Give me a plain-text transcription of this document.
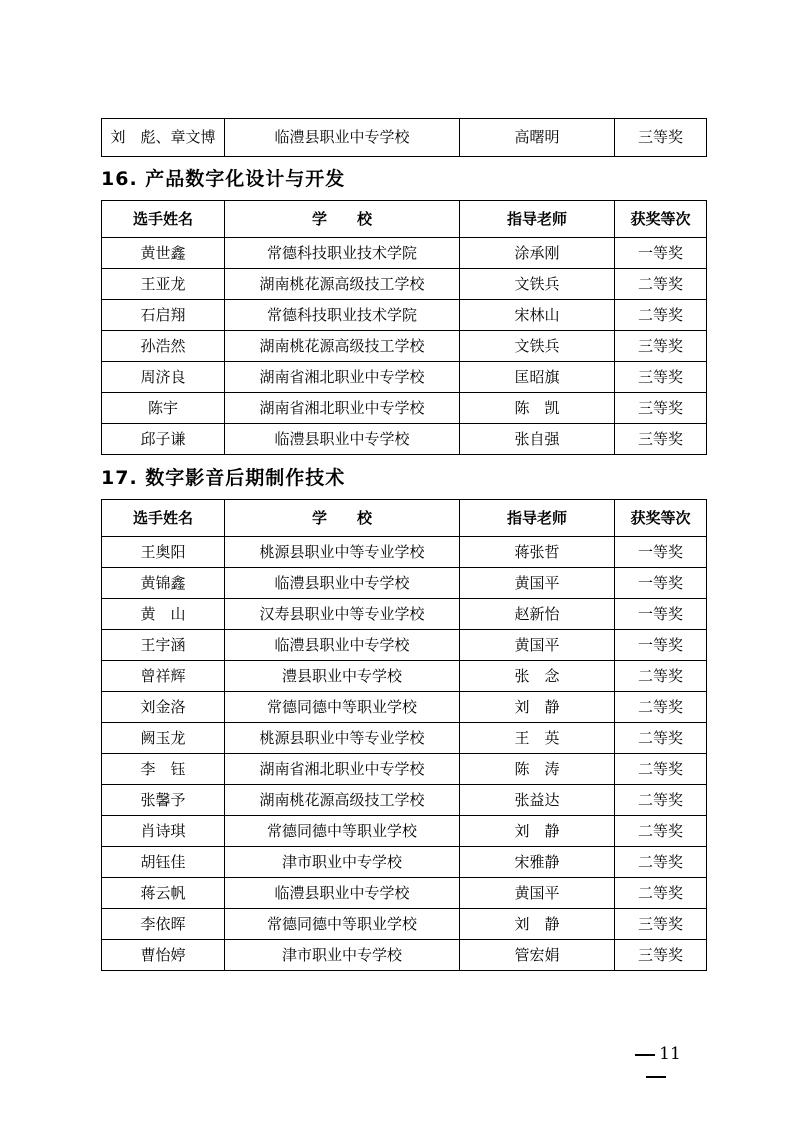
刘　彪、章文博	临澧县职业中专学校	高曙明	三等奖
16. 产品数字化设计与开发
选手姓名	学　　校	指导老师	获奖等次
黄世鑫	常德科技职业技术学院	涂承刚	一等奖
王亚龙	湖南桃花源高级技工学校	文铁兵	二等奖
石启翔	常德科技职业技术学院	宋林山	二等奖
孙浩然	湖南桃花源高级技工学校	文铁兵	三等奖
周济良	湖南省湘北职业中专学校	匡昭旗	三等奖
陈宇	湖南省湘北职业中专学校	陈　凯	三等奖
邱子谦	临澧县职业中专学校	张自强	三等奖
17. 数字影音后期制作技术
选手姓名	学　　校	指导老师	获奖等次
王奥阳	桃源县职业中等专业学校	蒋张哲	一等奖
黄锦鑫	临澧县职业中专学校	黄国平	一等奖
黄　山	汉寿县职业中等专业学校	赵新怡	一等奖
王宇涵	临澧县职业中专学校	黄国平	一等奖
曾祥辉	澧县职业中专学校	张　念	二等奖
刘金洛	常德同德中等职业学校	刘　静	二等奖
阙玉龙	桃源县职业中等专业学校	王　英	二等奖
李　钰	湖南省湘北职业中专学校	陈　涛	二等奖
张馨予	湖南桃花源高级技工学校	张益达	二等奖
肖诗琪	常德同德中等职业学校	刘　静	二等奖
胡钰佳	津市职业中专学校	宋雅静	二等奖
蒋云帆	临澧县职业中专学校	黄国平	二等奖
李依晖	常德同德中等职业学校	刘　静	三等奖
曹怡婷	津市职业中专学校	管宏娟	三等奖
11
